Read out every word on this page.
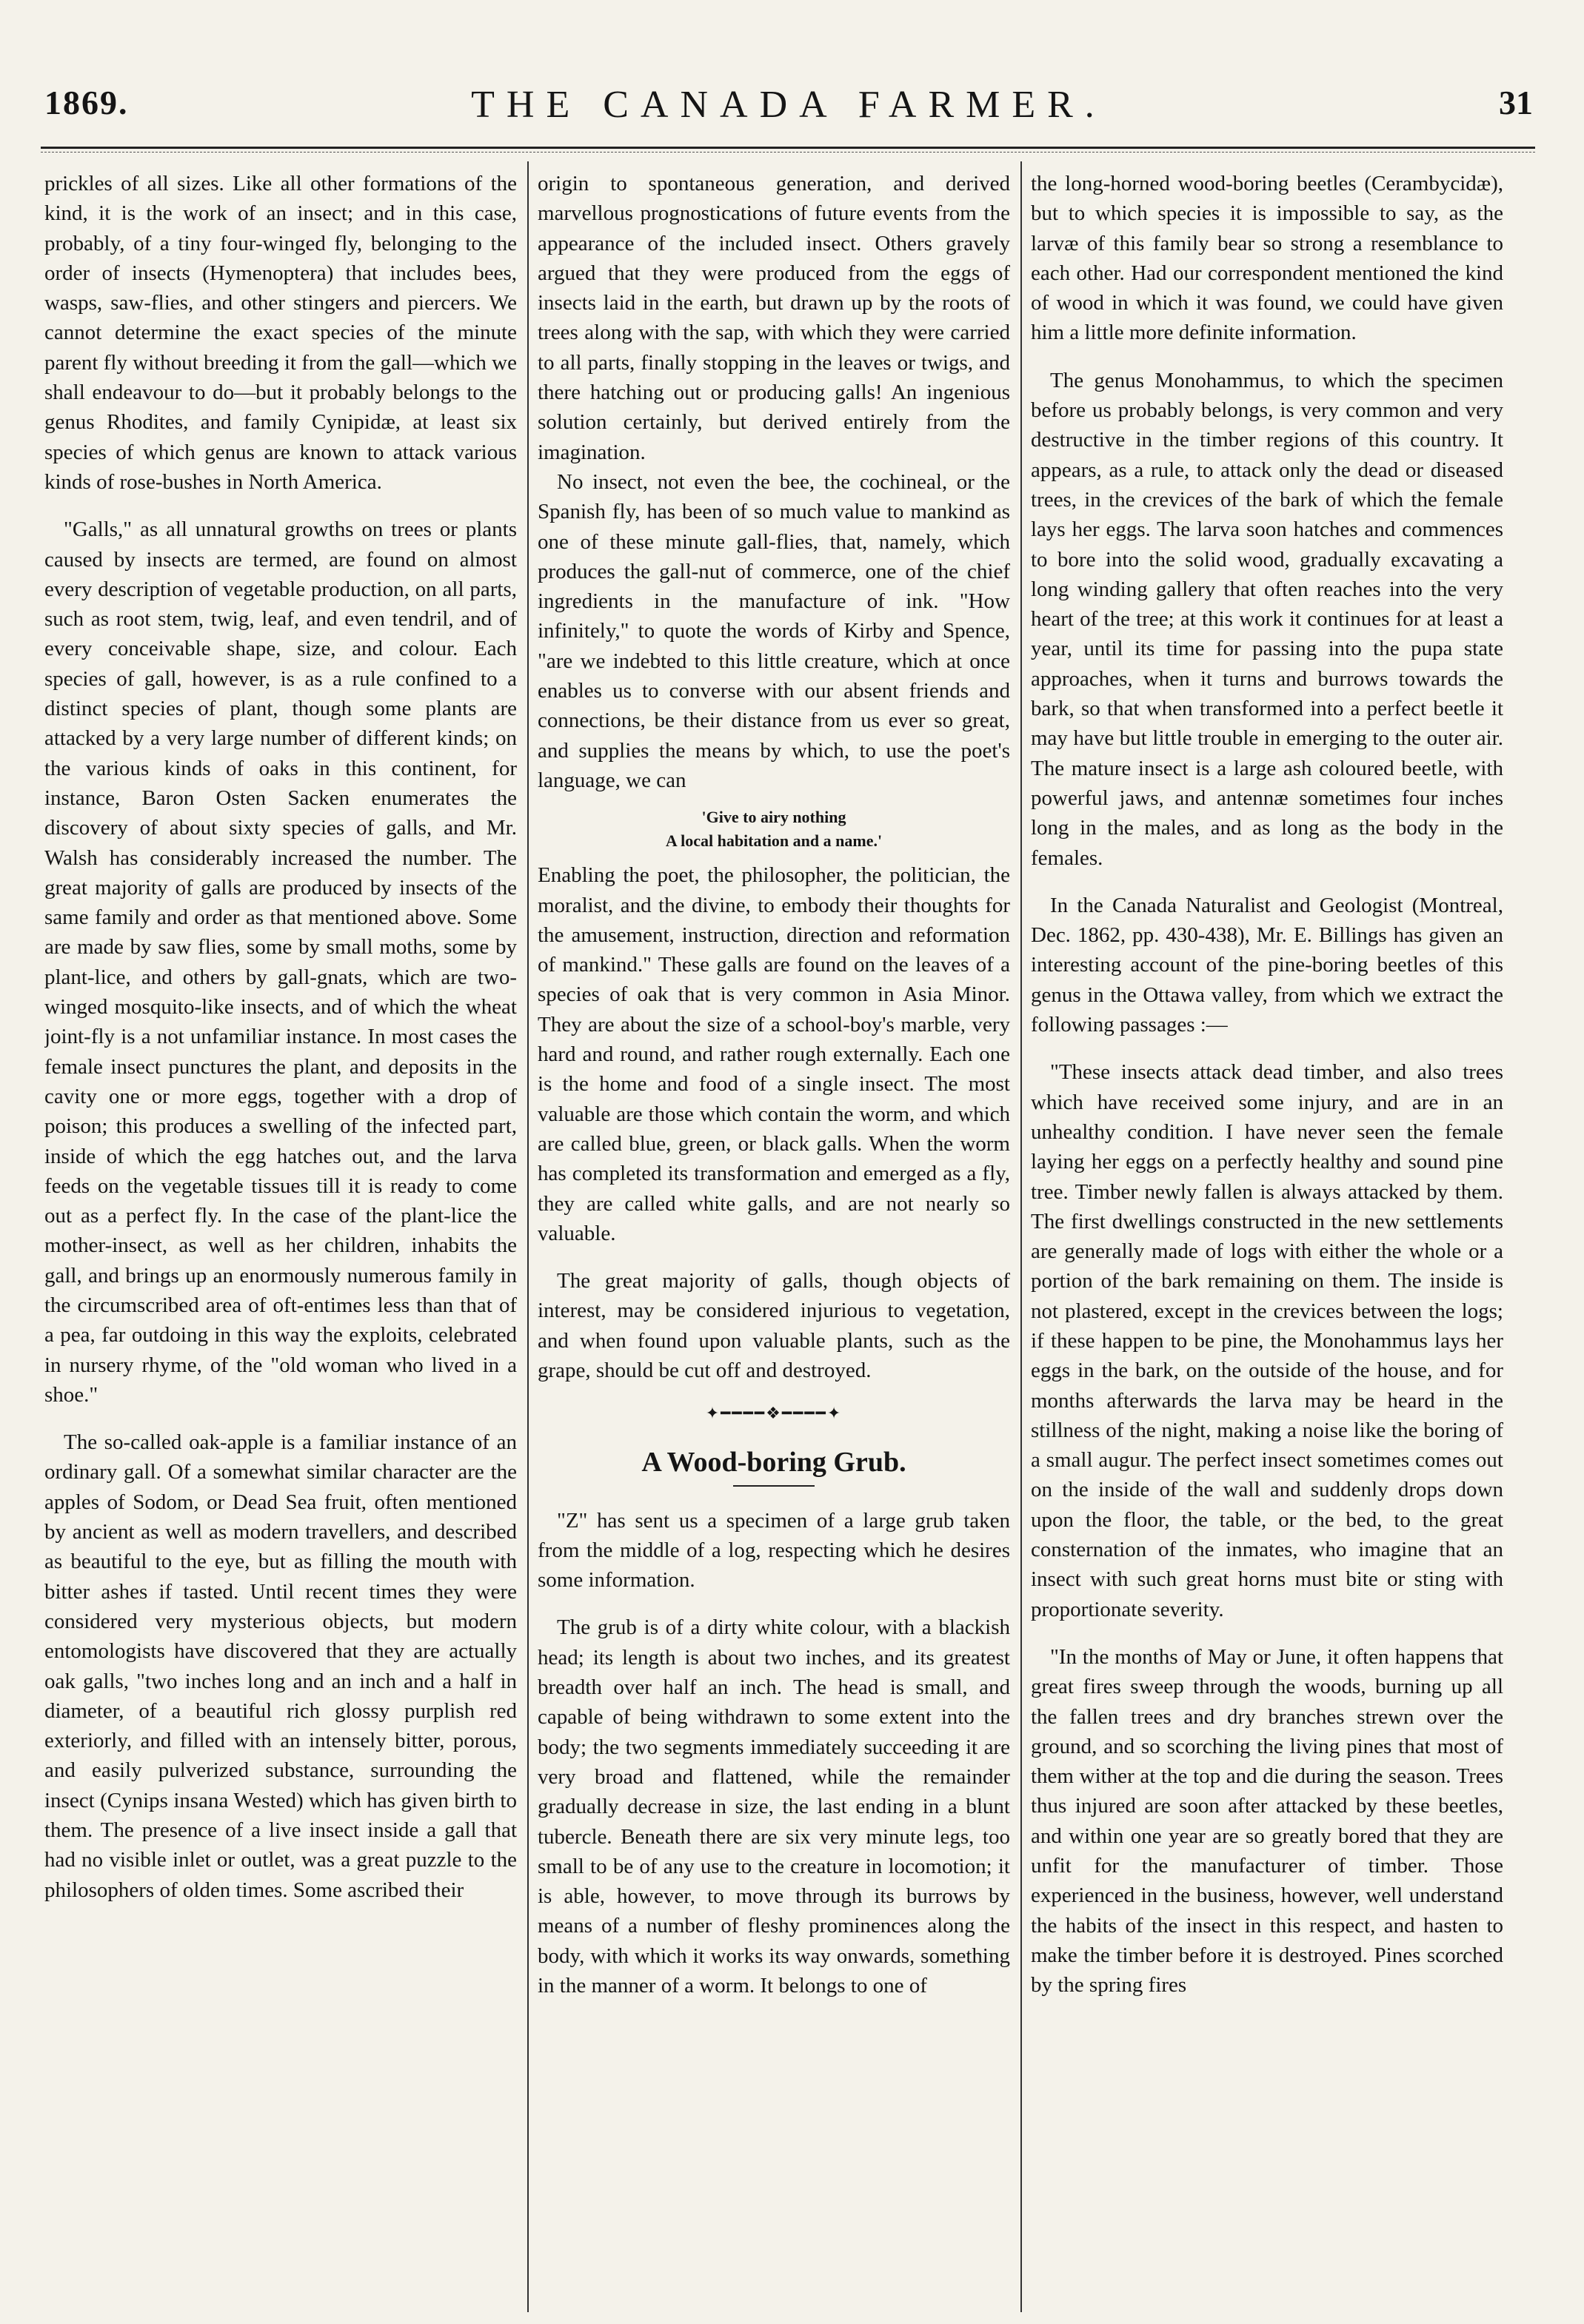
1869.	THE CANADA FARMER.	31

prickles of all sizes. Like all other formations of the kind, it is the work of an insect; and in this case, probably, of a tiny four-winged fly, belonging to the order of insects (Hymenoptera) that includes bees, wasps, saw-flies, and other stingers and piercers. We cannot determine the exact species of the minute parent fly without breeding it from the gall—which we shall endeavour to do—but it probably belongs to the genus Rhodites, and family Cynipidæ, at least six species of which genus are known to attack various kinds of rose-bushes in North America.

"Galls," as all unnatural growths on trees or plants caused by insects are termed, are found on almost every description of vegetable production, on all parts, such as root stem, twig, leaf, and even tendril, and of every conceivable shape, size, and colour. Each species of gall, however, is as a rule confined to a distinct species of plant, though some plants are attacked by a very large number of different kinds; on the various kinds of oaks in this continent, for instance, Baron Osten Sacken enumerates the discovery of about sixty species of galls, and Mr. Walsh has considerably increased the number. The great majority of galls are produced by insects of the same family and order as that mentioned above. Some are made by saw flies, some by small moths, some by plant-lice, and others by gall-gnats, which are two-winged mosquito-like insects, and of which the wheat joint-fly is a not unfamiliar instance. In most cases the female insect punctures the plant, and deposits in the cavity one or more eggs, together with a drop of poison; this produces a swelling of the infected part, inside of which the egg hatches out, and the larva feeds on the vegetable tissues till it is ready to come out as a perfect fly. In the case of the plant-lice the mother-insect, as well as her children, inhabits the gall, and brings up an enormously numerous family in the circumscribed area of oft-entimes less than that of a pea, far outdoing in this way the exploits, celebrated in nursery rhyme, of the "old woman who lived in a shoe."

The so-called oak-apple is a familiar instance of an ordinary gall. Of a somewhat similar character are the apples of Sodom, or Dead Sea fruit, often mentioned by ancient as well as modern travellers, and described as beautiful to the eye, but as filling the mouth with bitter ashes if tasted. Until recent times they were considered very mysterious objects, but modern entomologists have discovered that they are actually oak galls, "two inches long and an inch and a half in diameter, of a beautiful rich glossy purplish red exteriorly, and filled with an intensely bitter, porous, and easily pulverized substance, surrounding the insect (Cynips insana Wested) which has given birth to them. The presence of a live insect inside a gall that had no visible inlet or outlet, was a great puzzle to the philosophers of olden times. Some ascribed their

origin to spontaneous generation, and derived marvellous prognostications of future events from the appearance of the included insect. Others gravely argued that they were produced from the eggs of insects laid in the earth, but drawn up by the roots of trees along with the sap, with which they were carried to all parts, finally stopping in the leaves or twigs, and there hatching out or producing galls! An ingenious solution certainly, but derived entirely from the imagination.

No insect, not even the bee, the cochineal, or the Spanish fly, has been of so much value to mankind as one of these minute gall-flies, that, namely, which produces the gall-nut of commerce, one of the chief ingredients in the manufacture of ink. "How infinitely," to quote the words of Kirby and Spence, "are we indebted to this little creature, which at once enables us to converse with our absent friends and connections, be their distance from us ever so great, and supplies the means by which, to use the poet's language, we can

'Give to airy nothing
A local habitation and a name.'

Enabling the poet, the philosopher, the politician, the moralist, and the divine, to embody their thoughts for the amusement, instruction, direction and reformation of mankind." These galls are found on the leaves of a species of oak that is very common in Asia Minor. They are about the size of a school-boy's marble, very hard and round, and rather rough externally. Each one is the home and food of a single insect. The most valuable are those which contain the worm, and which are called blue, green, or black galls. When the worm has completed its transformation and emerged as a fly, they are called white galls, and are not nearly so valuable.

The great majority of galls, though objects of interest, may be considered injurious to vegetation, and when found upon valuable plants, such as the grape, should be cut off and destroyed.

✦━━━━❖━━━━✦
A Wood-boring Grub.

"Z" has sent us a specimen of a large grub taken from the middle of a log, respecting which he desires some information.

The grub is of a dirty white colour, with a blackish head; its length is about two inches, and its greatest breadth over half an inch. The head is small, and capable of being withdrawn to some extent into the body; the two segments immediately succeeding it are very broad and flattened, while the remainder gradually decrease in size, the last ending in a blunt tubercle. Beneath there are six very minute legs, too small to be of any use to the creature in locomotion; it is able, however, to move through its burrows by means of a number of fleshy prominences along the body, with which it works its way onwards, something in the manner of a worm. It belongs to one of

the long-horned wood-boring beetles (Cerambycidæ), but to which species it is impossible to say, as the larvæ of this family bear so strong a resemblance to each other. Had our correspondent mentioned the kind of wood in which it was found, we could have given him a little more definite information.

The genus Monohammus, to which the specimen before us probably belongs, is very common and very destructive in the timber regions of this country. It appears, as a rule, to attack only the dead or diseased trees, in the crevices of the bark of which the female lays her eggs. The larva soon hatches and commences to bore into the solid wood, gradually excavating a long winding gallery that often reaches into the very heart of the tree; at this work it continues for at least a year, until its time for passing into the pupa state approaches, when it turns and burrows towards the bark, so that when transformed into a perfect beetle it may have but little trouble in emerging to the outer air. The mature insect is a large ash coloured beetle, with powerful jaws, and antennæ sometimes four inches long in the males, and as long as the body in the females.

In the Canada Naturalist and Geologist (Montreal, Dec. 1862, pp. 430-438), Mr. E. Billings has given an interesting account of the pine-boring beetles of this genus in the Ottawa valley, from which we extract the following passages :—

"These insects attack dead timber, and also trees which have received some injury, and are in an unhealthy condition. I have never seen the female laying her eggs on a perfectly healthy and sound pine tree. Timber newly fallen is always attacked by them. The first dwellings constructed in the new settlements are generally made of logs with either the whole or a portion of the bark remaining on them. The inside is not plastered, except in the crevices between the logs; if these happen to be pine, the Monohammus lays her eggs in the bark, on the outside of the house, and for months afterwards the larva may be heard in the stillness of the night, making a noise like the boring of a small augur. The perfect insect sometimes comes out on the inside of the wall and suddenly drops down upon the floor, the table, or the bed, to the great consternation of the inmates, who imagine that an insect with such great horns must bite or sting with proportionate severity.

"In the months of May or June, it often happens that great fires sweep through the woods, burning up all the fallen trees and dry branches strewn over the ground, and so scorching the living pines that most of them wither at the top and die during the season. Trees thus injured are soon after attacked by these beetles, and within one year are so greatly bored that they are unfit for the manufacturer of timber. Those experienced in the business, however, well understand the habits of the insect in this respect, and hasten to make the timber before it is destroyed. Pines scorched by the spring fires
